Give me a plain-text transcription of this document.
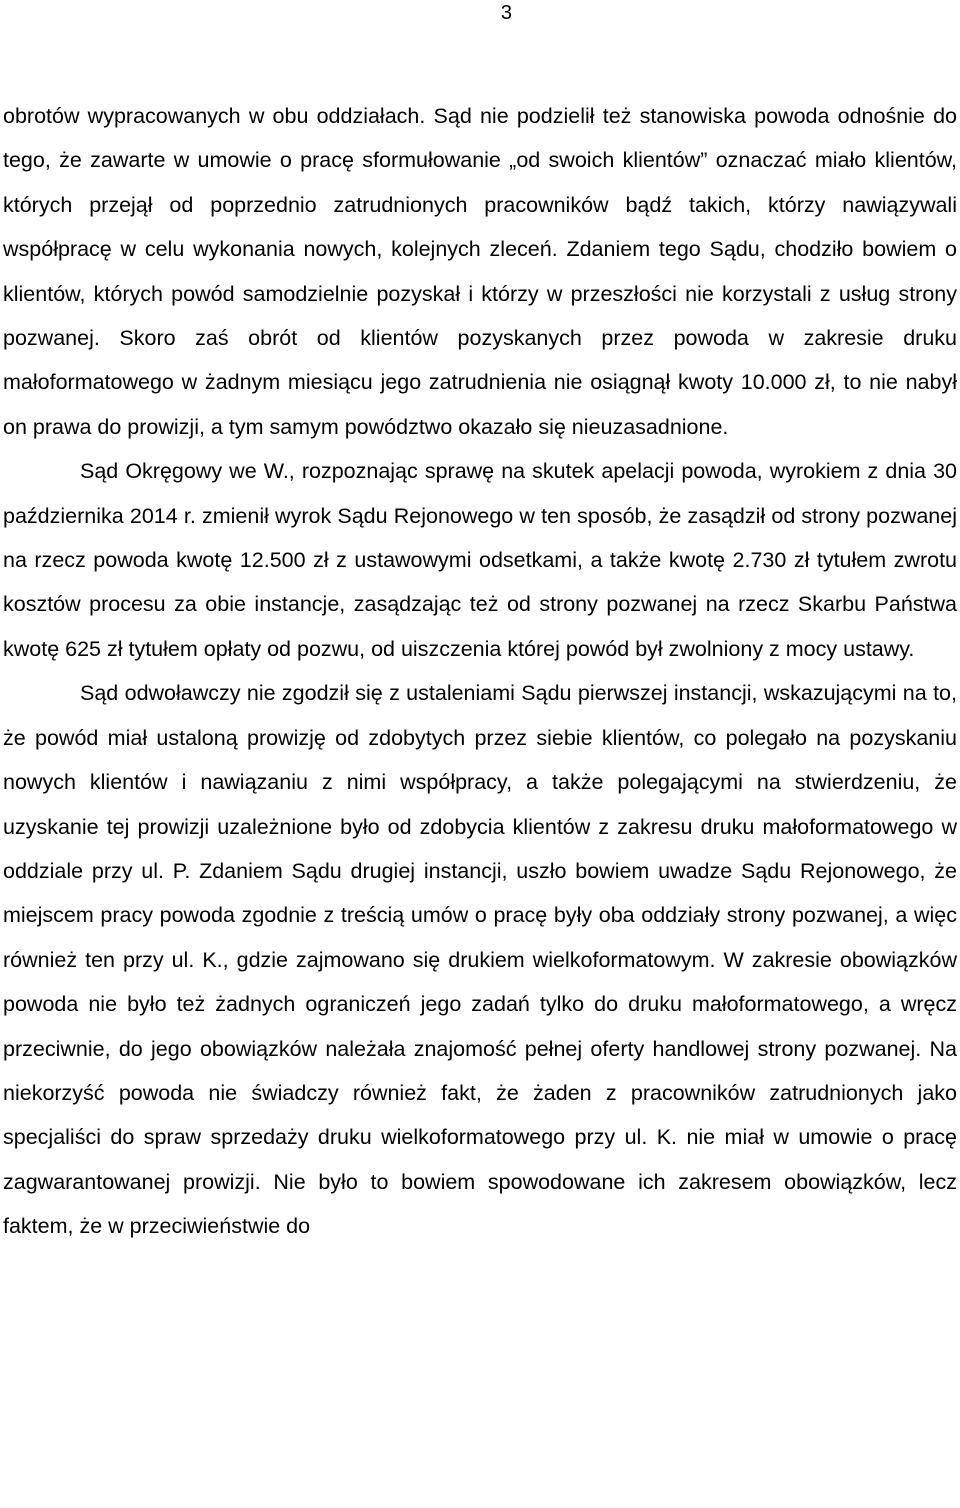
3

obrotów wypracowanych w obu oddziałach. Sąd nie podzielił też stanowiska powoda odnośnie do tego, że zawarte w umowie o pracę sformułowanie „od swoich klientów” oznaczać miało klientów, których przejął od poprzednio zatrudnionych pracowników bądź takich, którzy nawiązywali współpracę w celu wykonania nowych, kolejnych zleceń. Zdaniem tego Sądu, chodziło bowiem o klientów, których powód samodzielnie pozyskał i którzy w przeszłości nie korzystali z usług strony pozwanej. Skoro zaś obrót od klientów pozyskanych przez powoda w zakresie druku małoformatowego w żadnym miesiącu jego zatrudnienia nie osiągnął kwoty 10.000 zł, to nie nabył on prawa do prowizji, a tym samym powództwo okazało się nieuzasadnione.

Sąd Okręgowy we W., rozpoznając sprawę na skutek apelacji powoda, wyrokiem z dnia 30 października 2014 r. zmienił wyrok Sądu Rejonowego w ten sposób, że zasądził od strony pozwanej na rzecz powoda kwotę 12.500 zł z ustawowymi odsetkami, a także kwotę 2.730 zł tytułem zwrotu kosztów procesu za obie instancje, zasądzając też od strony pozwanej na rzecz Skarbu Państwa kwotę 625 zł tytułem opłaty od pozwu, od uiszczenia której powód był zwolniony z mocy ustawy.

Sąd odwoławczy nie zgodził się z ustaleniami Sądu pierwszej instancji, wskazującymi na to, że powód miał ustaloną prowizję od zdobytych przez siebie klientów, co polegało na pozyskaniu nowych klientów i nawiązaniu z nimi współpracy, a także polegającymi na stwierdzeniu, że uzyskanie tej prowizji uzależnione było od zdobycia klientów z zakresu druku małoformatowego w oddziale przy ul. P. Zdaniem Sądu drugiej instancji, uszło bowiem uwadze Sądu Rejonowego, że miejscem pracy powoda zgodnie z treścią umów o pracę były oba oddziały strony pozwanej, a więc również ten przy ul. K., gdzie zajmowano się drukiem wielkoformatowym. W zakresie obowiązków powoda nie było też żadnych ograniczeń jego zadań tylko do druku małoformatowego, a wręcz przeciwnie, do jego obowiązków należała znajomość pełnej oferty handlowej strony pozwanej. Na niekorzyść powoda nie świadczy również fakt, że żaden z pracowników zatrudnionych jako specjaliści do spraw sprzedaży druku wielkoformatowego przy ul. K. nie miał w umowie o pracę zagwarantowanej prowizji. Nie było to bowiem spowodowane ich zakresem obowiązków, lecz faktem, że w przeciwieństwie do
